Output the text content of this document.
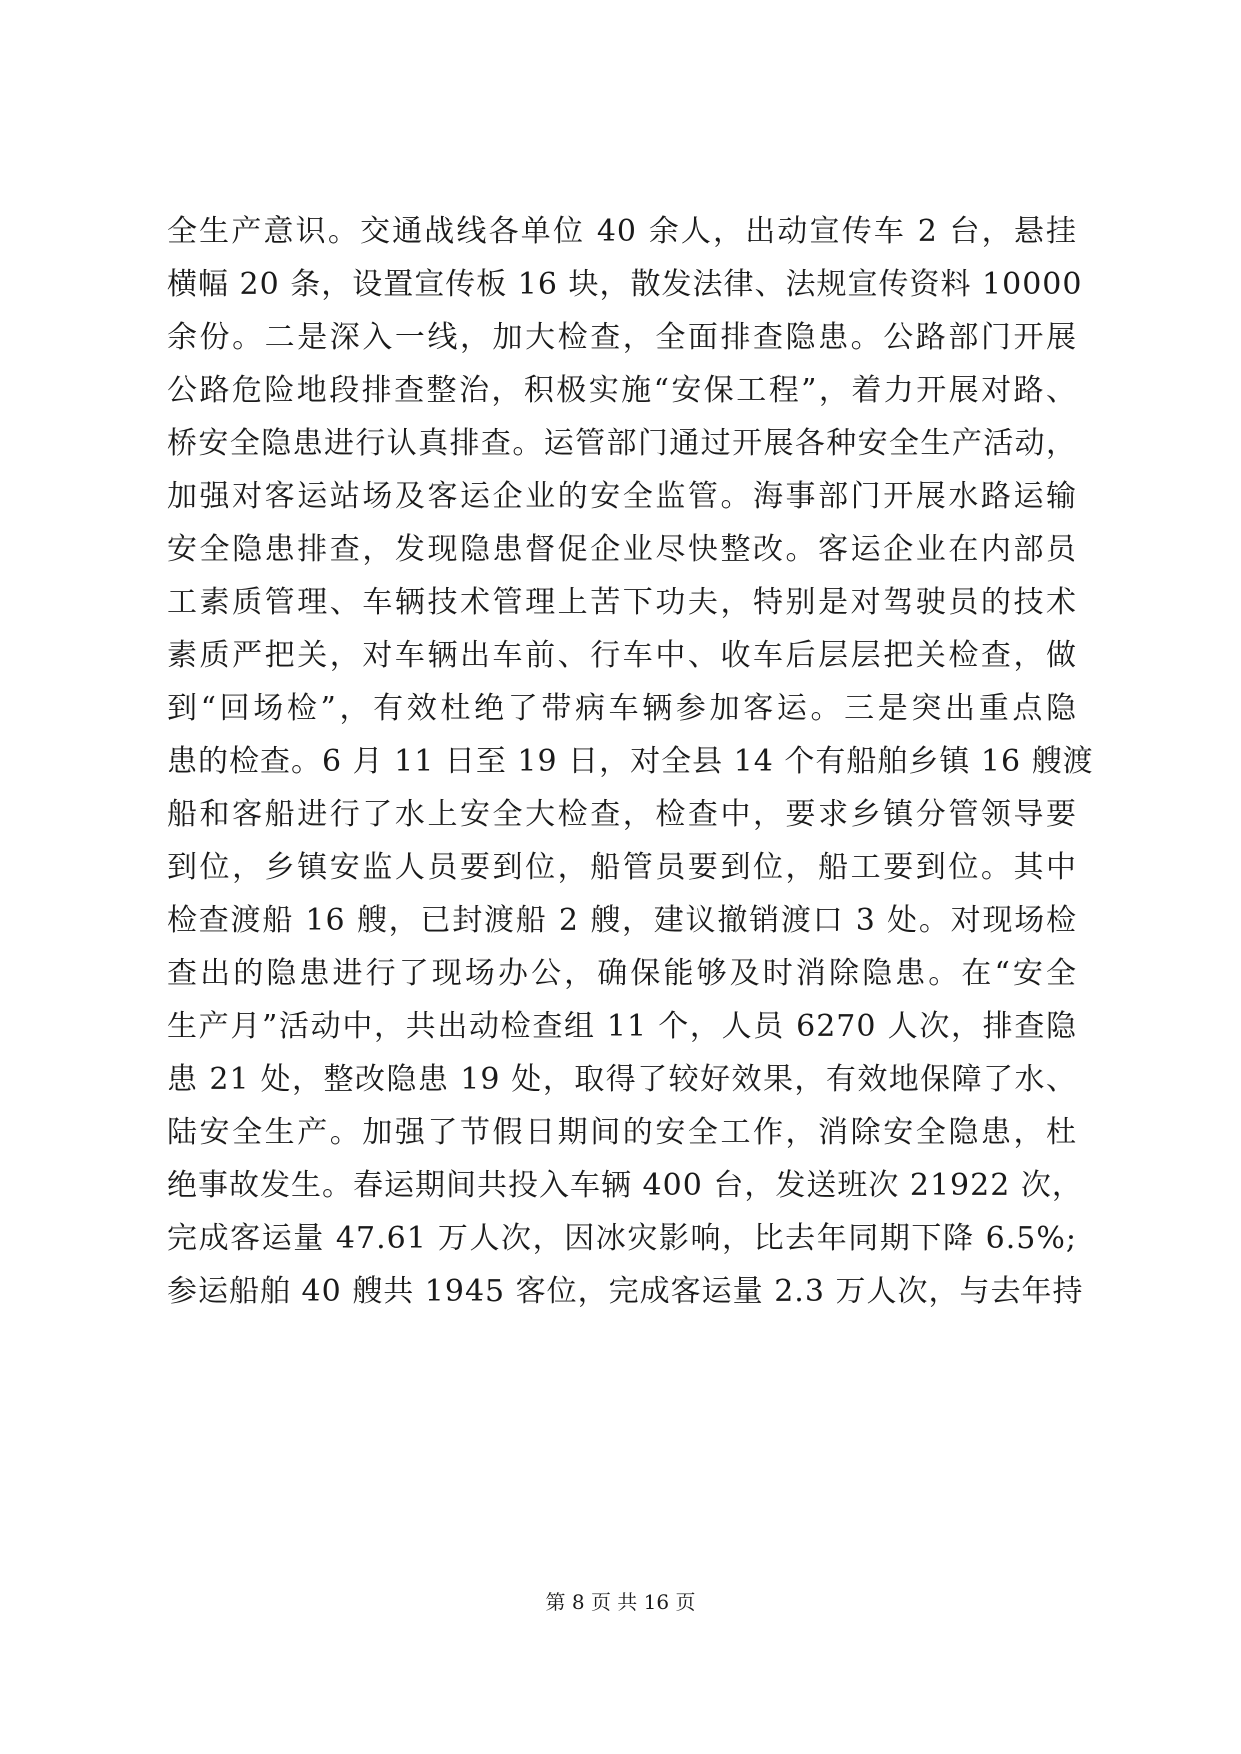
全生产意识。交通战线各单位 40 余人，出动宣传车 2 台，悬挂
横幅 20 条，设置宣传板 16 块，散发法律、法规宣传资料 10000
余份。二是深入一线，加大检查，全面排查隐患。公路部门开展
公路危险地段排查整治，积极实施“安保工程”，着力开展对路、
桥安全隐患进行认真排查。运管部门通过开展各种安全生产活动，
加强对客运站场及客运企业的安全监管。海事部门开展水路运输
安全隐患排查，发现隐患督促企业尽快整改。客运企业在内部员
工素质管理、车辆技术管理上苦下功夫，特别是对驾驶员的技术
素质严把关，对车辆出车前、行车中、收车后层层把关检查，做
到“回场检”，有效杜绝了带病车辆参加客运。三是突出重点隐
患的检查。6 月 11 日至 19 日，对全县 14 个有船舶乡镇 16 艘渡
船和客船进行了水上安全大检查，检查中，要求乡镇分管领导要
到位，乡镇安监人员要到位，船管员要到位，船工要到位。其中
检查渡船 16 艘，已封渡船 2 艘，建议撤销渡口 3 处。对现场检
查出的隐患进行了现场办公，确保能够及时消除隐患。在“安全
生产月”活动中，共出动检查组 11 个，人员 6270 人次，排查隐
患 21 处，整改隐患 19 处，取得了较好效果，有效地保障了水、
陆安全生产。加强了节假日期间的安全工作，消除安全隐患，杜
绝事故发生。春运期间共投入车辆 400 台，发送班次 21922 次，
完成客运量 47.61 万人次，因冰灾影响，比去年同期下降 6.5%;
参运船舶 40 艘共 1945 客位，完成客运量 2.3 万人次，与去年持
第 8 页 共 16 页
